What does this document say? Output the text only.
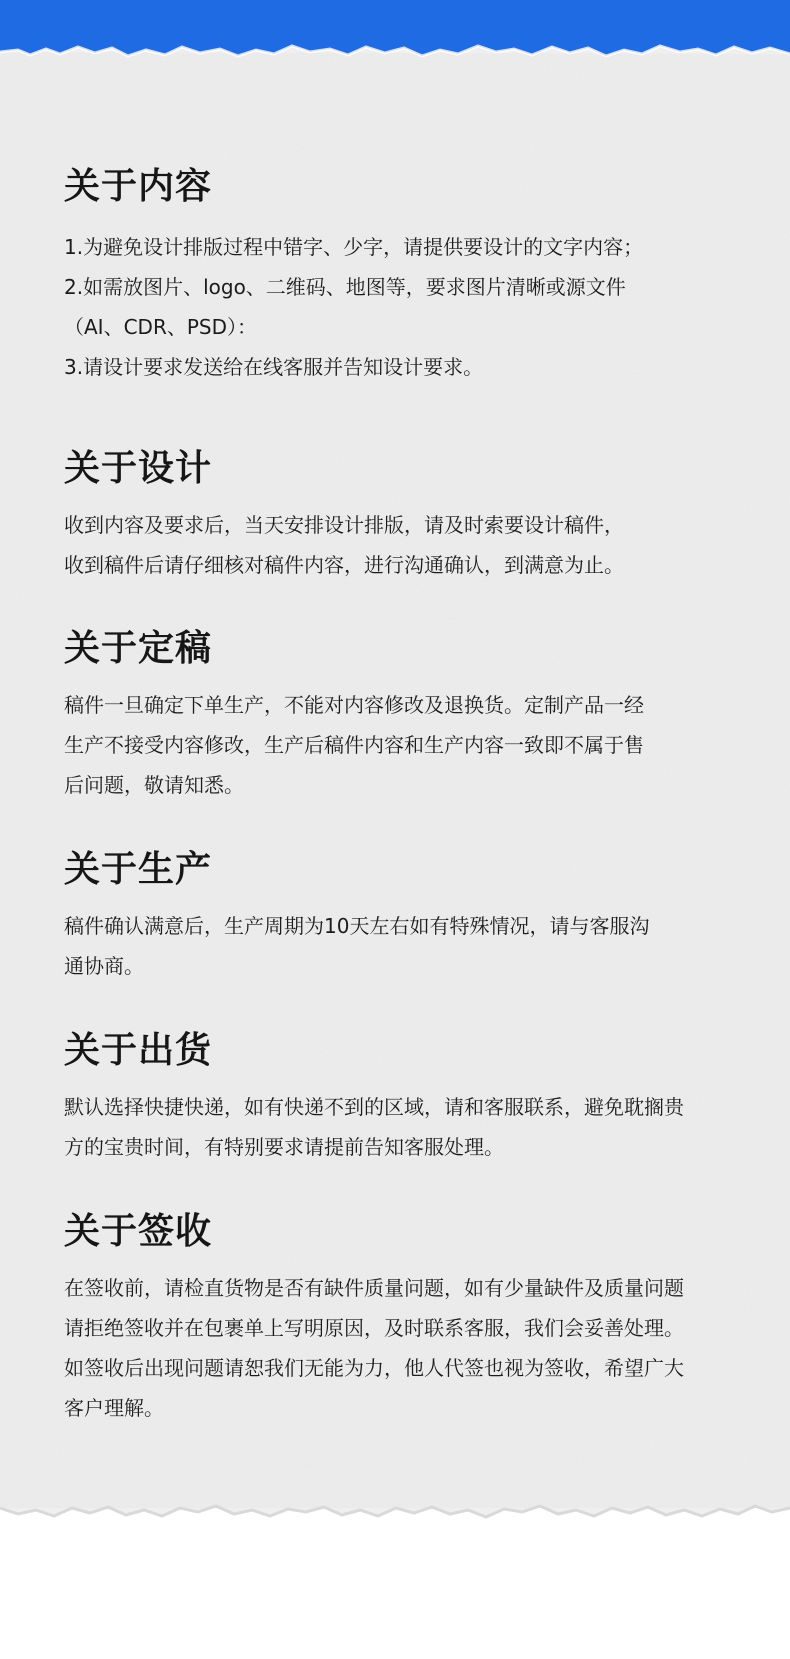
关于内容
1.为避免设计排版过程中错字、少字，请提供要设计的文字内容；
2.如需放图片、logo、二维码、地图等，要求图片清晰或源文件
（AI、CDR、PSD）：
3.请设计要求发送给在线客服并告知设计要求。
关于设计
收到内容及要求后，当天安排设计排版，请及时索要设计稿件，
收到稿件后请仔细核对稿件内容，进行沟通确认，到满意为止。
关于定稿
稿件一旦确定下单生产，不能对内容修改及退换货。定制产品一经
生产不接受内容修改，生产后稿件内容和生产内容一致即不属于售
后问题，敬请知悉。
关于生产
稿件确认满意后，生产周期为10天左右如有特殊情况，请与客服沟
通协商。
关于出货
默认选择快捷快递，如有快递不到的区域，请和客服联系，避免耽搁贵
方的宝贵时间，有特别要求请提前告知客服处理。
关于签收
在签收前，请检直货物是否有缺件质量问题，如有少量缺件及质量问题
请拒绝签收并在包裹单上写明原因，及时联系客服，我们会妥善处理。
如签收后出现问题请恕我们无能为力，他人代签也视为签收，希望广大
客户理解。
